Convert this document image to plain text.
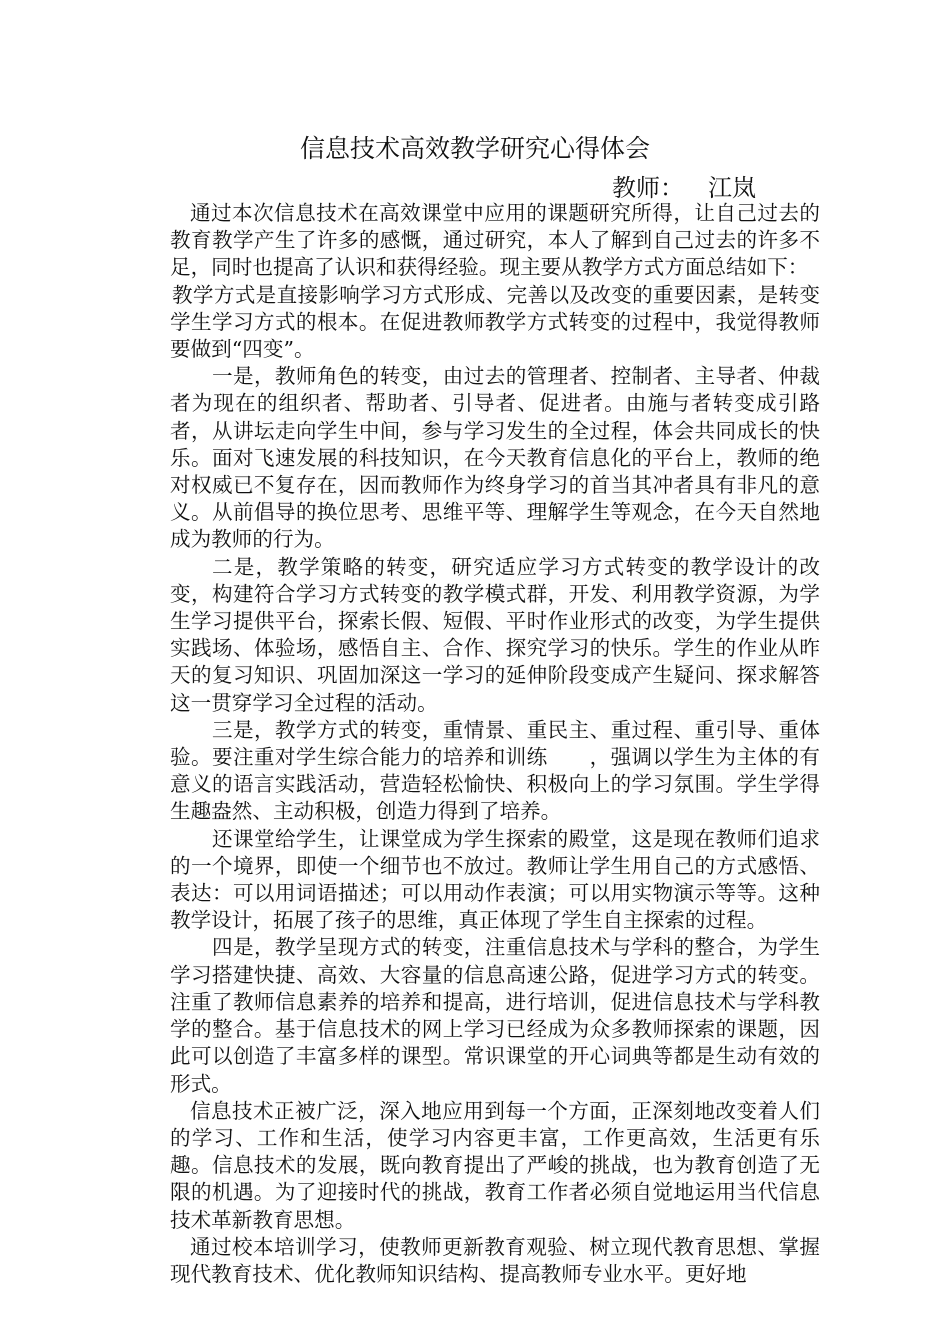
信息技术高效教学研究心得体会
教师： 江岚

通过本次信息技术在高效课堂中应用的课题研究所得，让自己过去的教育教学产生了许多的感慨，通过研究，本人了解到自己过去的许多不足，同时也提高了认识和获得经验。现主要从教学方式方面总结如下：

教学方式是直接影响学习方式形成、完善以及改变的重要因素，是转变学生学习方式的根本。在促进教师教学方式转变的过程中，我觉得教师要做到“四变”。

一是，教师角色的转变，由过去的管理者、控制者、主导者、仲裁者为现在的组织者、帮助者、引导者、促进者。由施与者转变成引路者，从讲坛走向学生中间，参与学习发生的全过程，体会共同成长的快乐。面对飞速发展的科技知识，在今天教育信息化的平台上，教师的绝对权威已不复存在，因而教师作为终身学习的首当其冲者具有非凡的意义。从前倡导的换位思考、思维平等、理解学生等观念，在今天自然地成为教师的行为。

二是，教学策略的转变，研究适应学习方式转变的教学设计的改变，构建符合学习方式转变的教学模式群，开发、利用教学资源，为学生学习提供平台，探索长假、短假、平时作业形式的改变，为学生提供实践场、体验场，感悟自主、合作、探究学习的快乐。学生的作业从昨天的复习知识、巩固加深这一学习的延伸阶段变成产生疑问、探求解答这一贯穿学习全过程的活动。

三是，教学方式的转变，重情景、重民主、重过程、重引导、重体验。要注重对学生综合能力的培养和训练　　，强调以学生为主体的有意义的语言实践活动，营造轻松愉快、积极向上的学习氛围。学生学得生趣盎然、主动积极，创造力得到了培养。

还课堂给学生，让课堂成为学生探索的殿堂，这是现在教师们追求的一个境界，即使一个细节也不放过。教师让学生用自己的方式感悟、表达：可以用词语描述；可以用动作表演；可以用实物演示等等。这种教学设计，拓展了孩子的思维，真正体现了学生自主探索的过程。

四是，教学呈现方式的转变，注重信息技术与学科的整合，为学生学习搭建快捷、高效、大容量的信息高速公路，促进学习方式的转变。注重了教师信息素养的培养和提高，进行培训，促进信息技术与学科教学的整合。基于信息技术的网上学习已经成为众多教师探索的课题，因此可以创造了丰富多样的课型。常识课堂的开心词典等都是生动有效的形式。

信息技术正被广泛，深入地应用到每一个方面，正深刻地改变着人们的学习、工作和生活，使学习内容更丰富，工作更高效，生活更有乐趣。信息技术的发展，既向教育提出了严峻的挑战，也为教育创造了无限的机遇。为了迎接时代的挑战，教育工作者必须自觉地运用当代信息技术革新教育思想。

通过校本培训学习，使教师更新教育观验、树立现代教育思想、掌握现代教育技术、优化教师知识结构、提高教师专业水平。更好地
